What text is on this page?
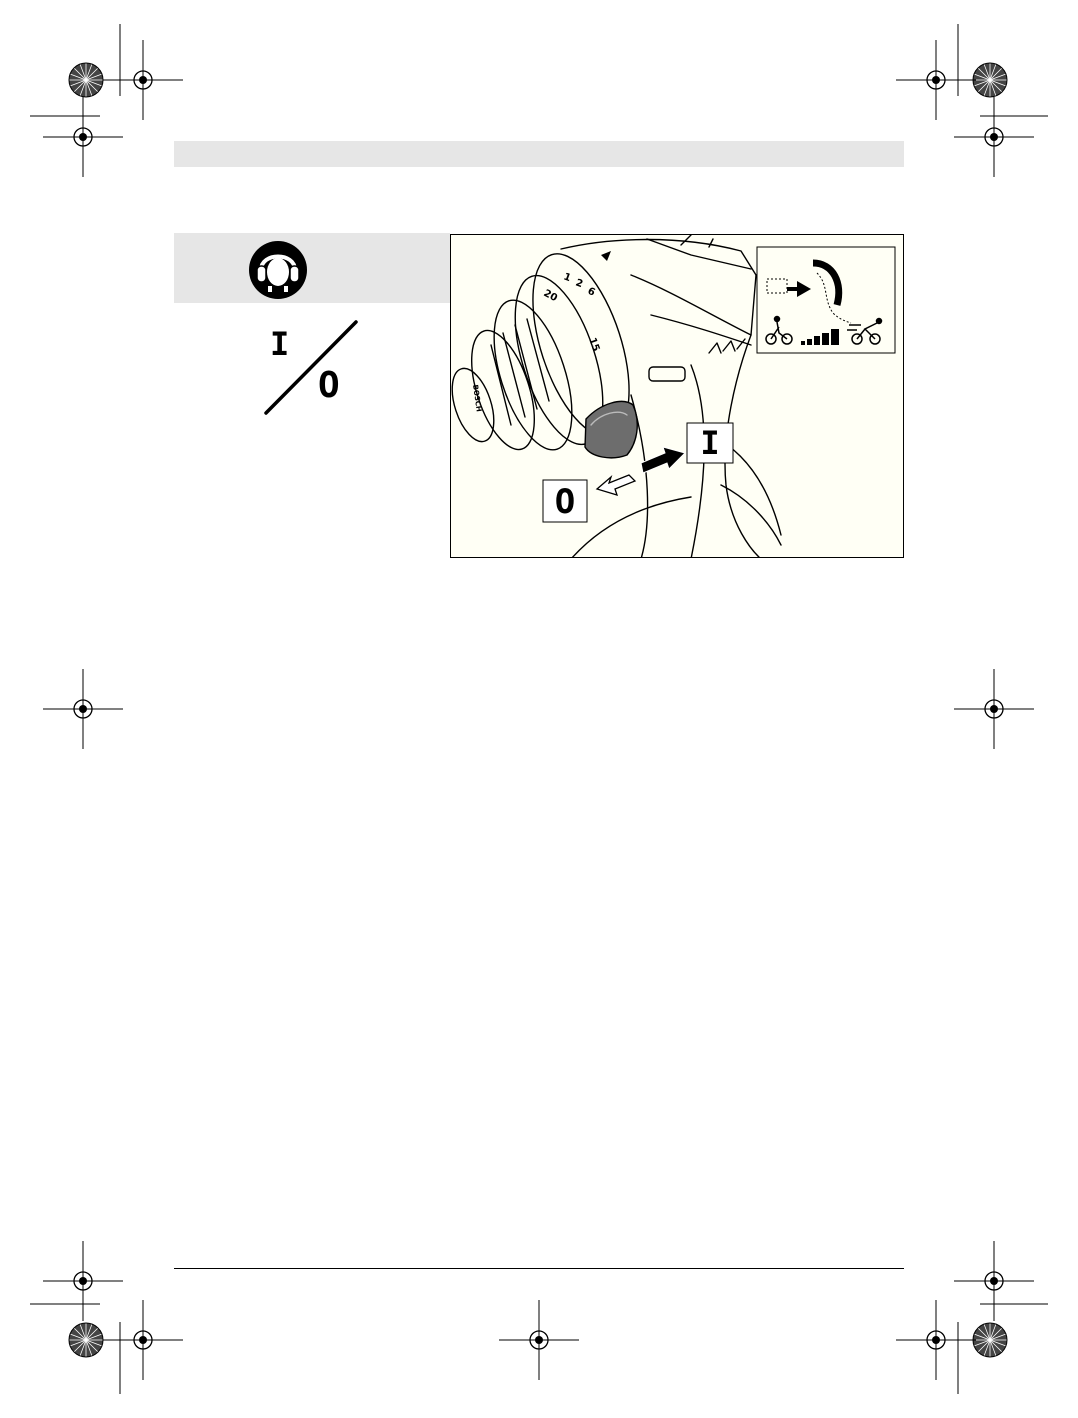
I
O
1 2
20
15
6
BOSCH
I
O
